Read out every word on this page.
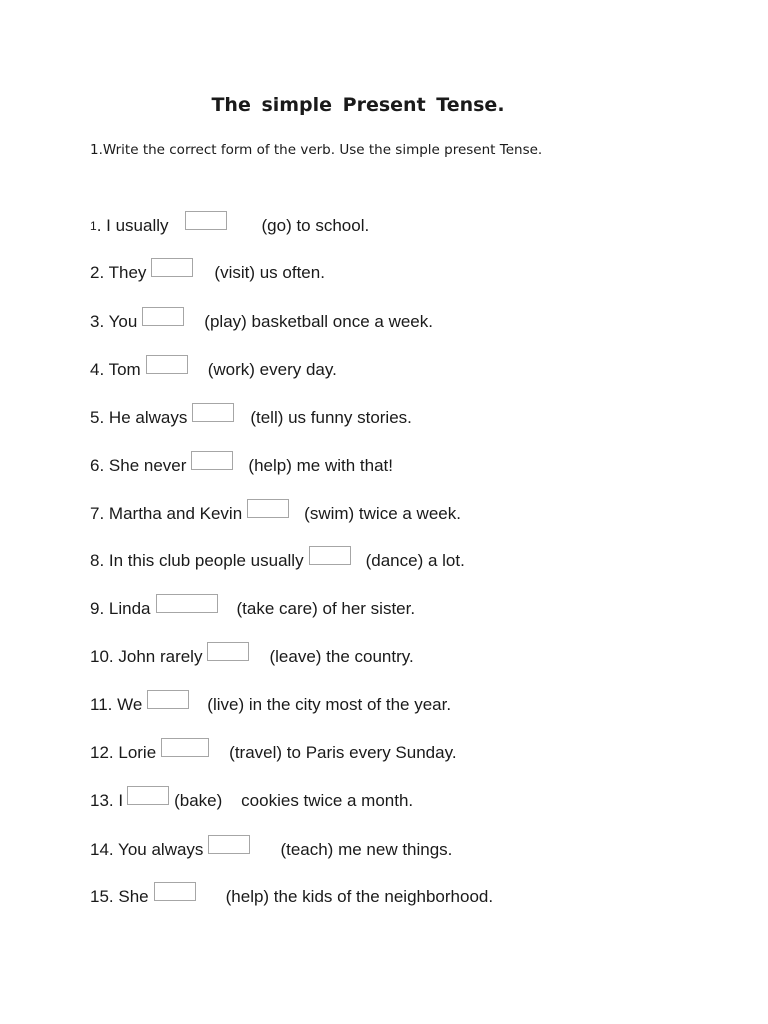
The simple Present Tense.

1.Write the correct form of the verb. Use the simple present Tense.

1 . I usually	(go) to school.
2. They	(visit) us often.
3. You	(play) basketball once a week.
4. Tom	(work) every day.
5. He always	(tell) us funny stories.
6. She never	(help) me with that!
7. Martha and Kevin	(swim) twice a week.
8. In this club people usually	(dance) a lot.
9. Linda	(take care) of her sister.
10. John rarely	(leave) the country.
11. We	(live) in the city most of the year.
12. Lorie	(travel) to Paris every Sunday.
13. I	(bake)    cookies twice a month.
14. You always	(teach) me new things.
15. She	(help) the kids of the neighborhood.
